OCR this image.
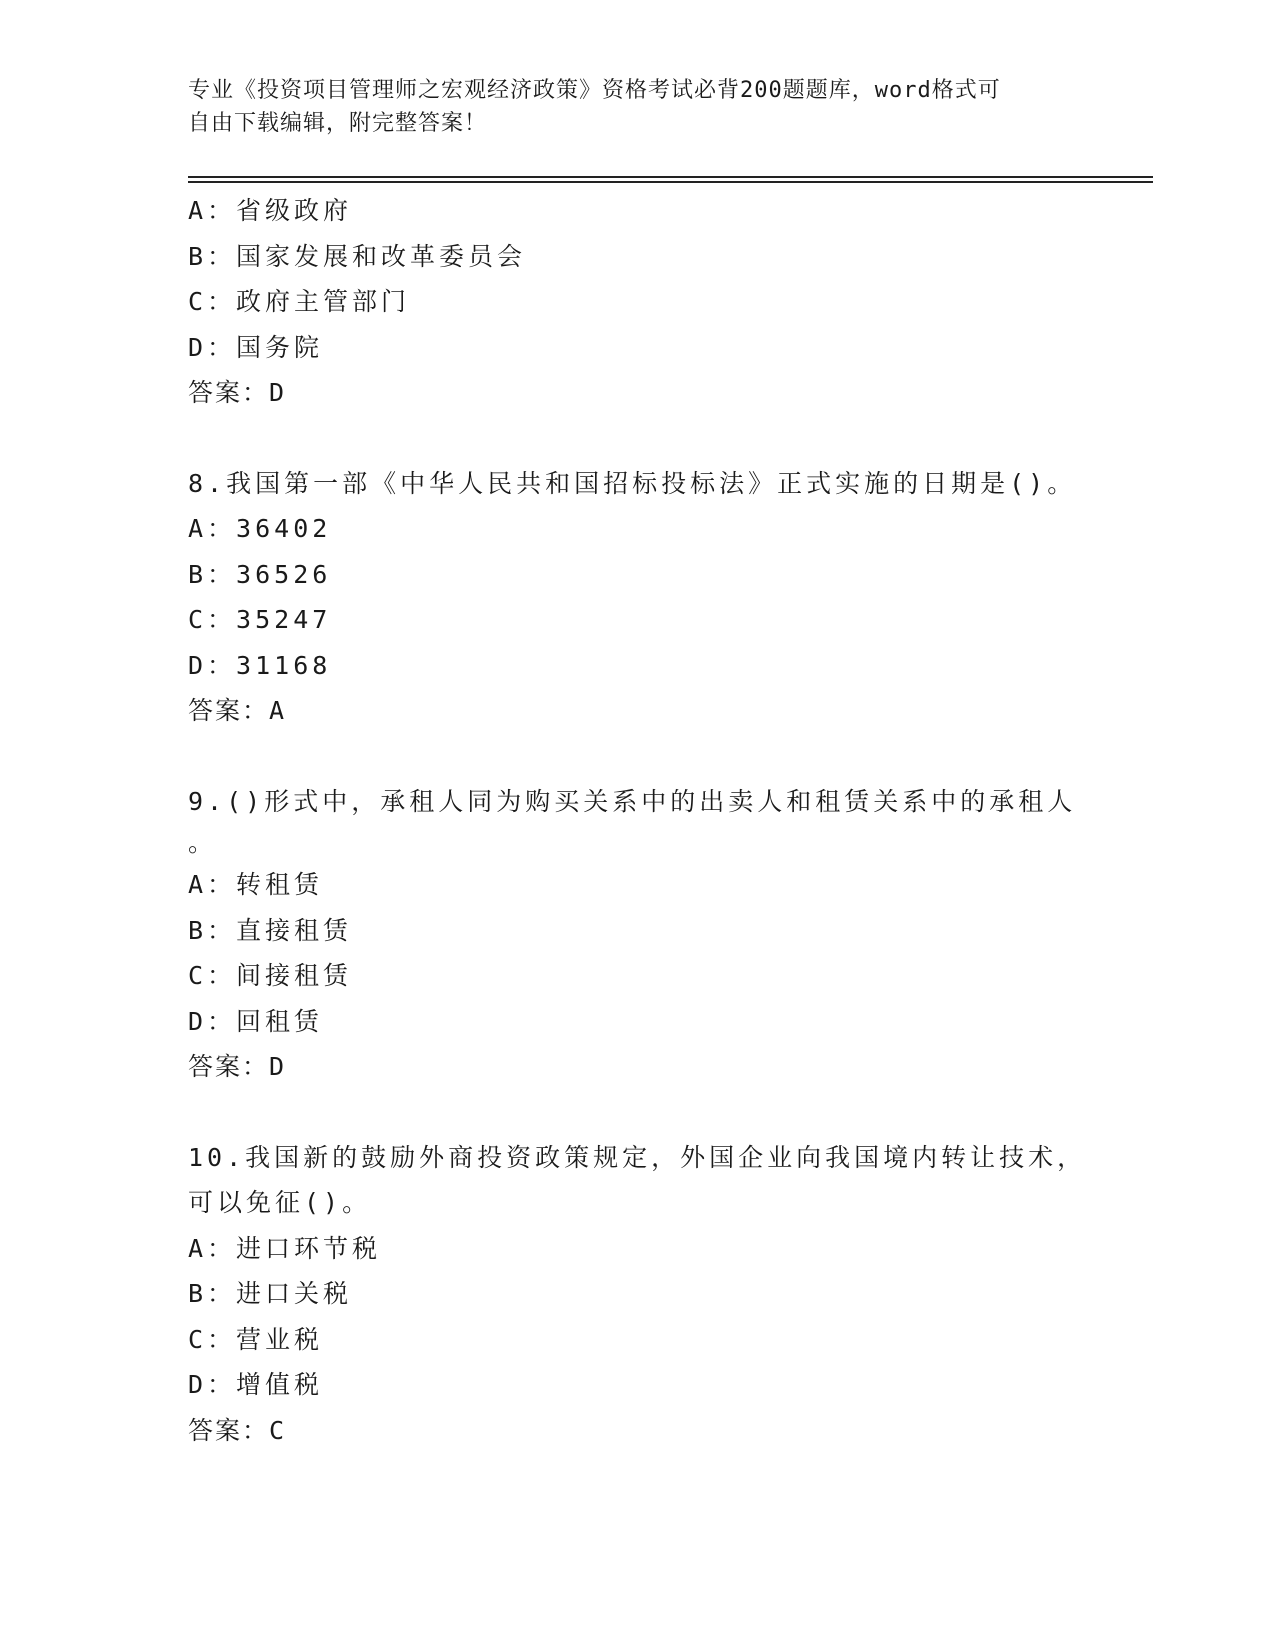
专业《投资项目管理师之宏观经济政策》资格考试必背200题题库，word格式可
自由下载编辑，附完整答案！
A：省级政府
B：国家发展和改革委员会
C：政府主管部门
D：国务院
答案：D
8.我国第一部《中华人民共和国招标投标法》正式实施的日期是()。
A：36402
B：36526
C：35247
D：31168
答案：A
9.()形式中，承租人同为购买关系中的出卖人和租赁关系中的承租人
。
A：转租赁
B：直接租赁
C：间接租赁
D：回租赁
答案：D
10.我国新的鼓励外商投资政策规定，外国企业向我国境内转让技术，
可以免征()。
A：进口环节税
B：进口关税
C：营业税
D：增值税
答案：C
